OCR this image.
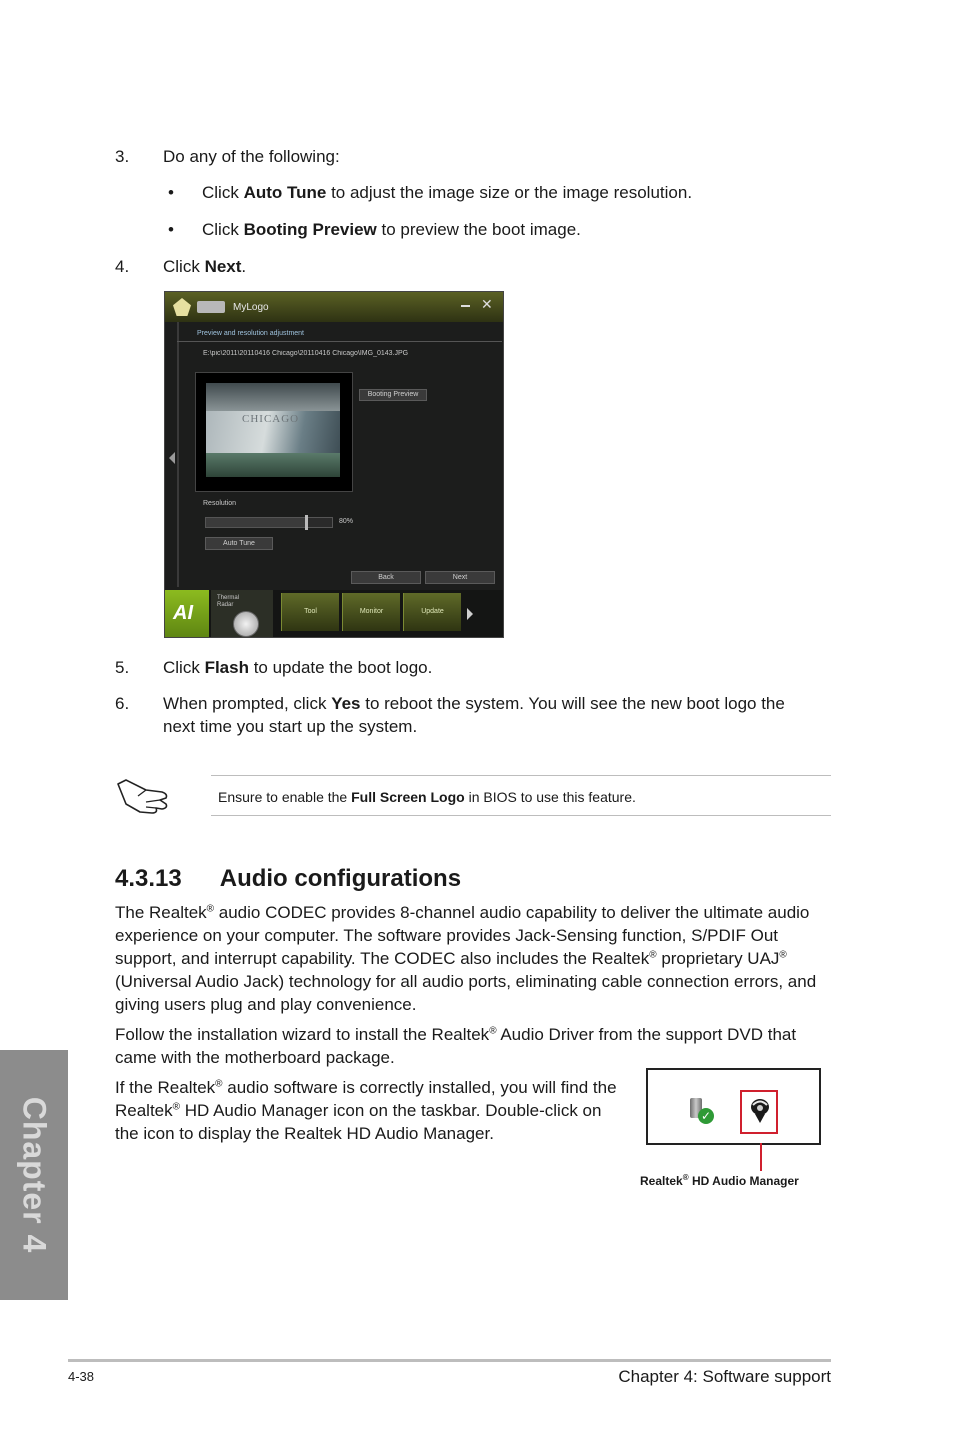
3. Do any of the following:
• Click Auto Tune to adjust the image size or the image resolution.
• Click Booting Preview to preview the boot image.
4. Click Next.
MyLogo	✕
Preview and resolution adjustment
E:\pic\2011\20110416 Chicago\20110416 Chicago\IMG_0143.JPG
CHICAGO
Booting Preview
Resolution
80%
Auto Tune
Back	Next
AI
Thermal Radar
Tool	Monitor	Update
5. Click Flash to update the boot logo.
6. When prompted, click Yes to reboot the system. You will see the new boot logo the
next time you start up the system.
Ensure to enable the Full Screen Logo in BIOS to use this feature.
4.3.13 Audio configurations
The Realtek® audio CODEC provides 8-channel audio capability to deliver the ultimate audio
experience on your computer. The software provides Jack-Sensing function, S/PDIF Out
support, and interrupt capability. The CODEC also includes the Realtek® proprietary UAJ®
(Universal Audio Jack) technology for all audio ports, eliminating cable connection errors, and
giving users plug and play convenience.
Follow the installation wizard to install the Realtek® Audio Driver from the support DVD that
came with the motherboard package.
If the Realtek® audio software is correctly installed, you will find the
Realtek® HD Audio Manager icon on the taskbar. Double-click on
the icon to display the Realtek HD Audio Manager.
✓
Realtek® HD Audio Manager
Chapter 4
4-38	Chapter 4: Software support
